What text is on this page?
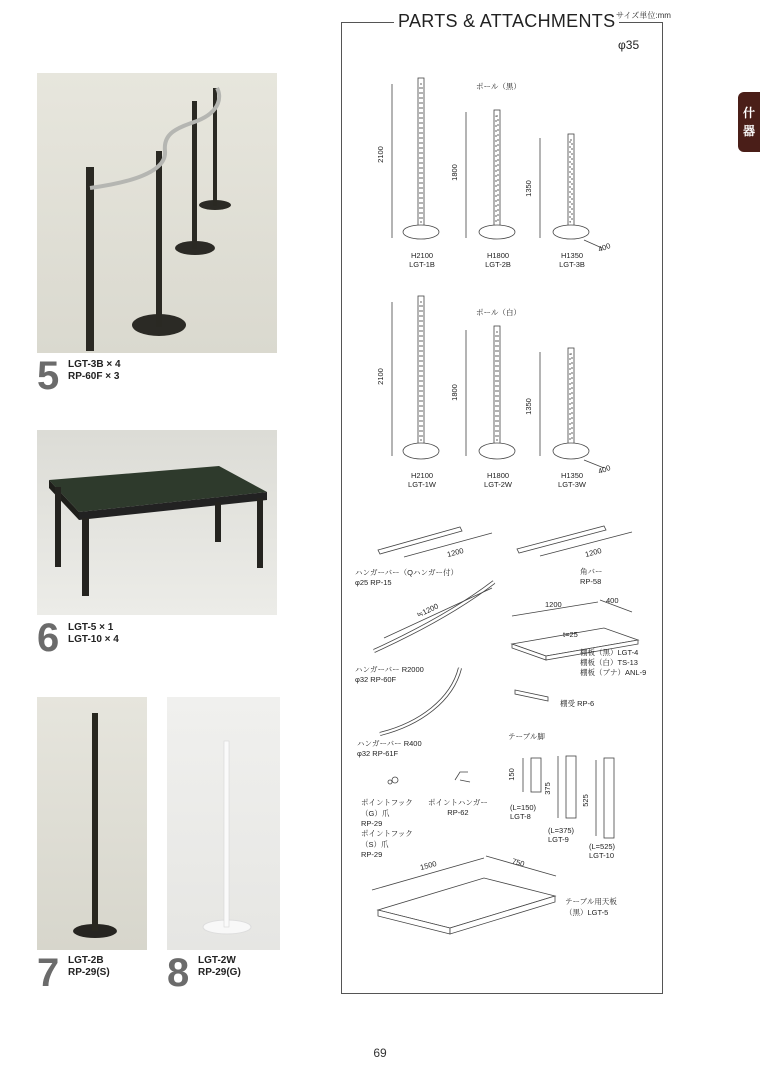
5 LGT-3B × 4
RP-60F × 3
6 LGT-5 × 1
LGT-10 × 4
7 LGT-2B
RP-29(S) 8 LGT-2W
RP-29(G)
PARTS & ATTACHMENTS サイズ単位:mm
φ35
ポール（黒）
2100
1800
1350
400
H2100
LGT-1B
H1800
LGT-2B
H1350
LGT-3B
ポール（白）
2100
1800
1350
400
H2100
LGT-1W
H1800
LGT-2W
H1350
LGT-3W
1200
ハンガーバー（Qハンガー付）
φ25 RP-15
1200
角バー
RP-58
≒1200
ハンガーバー R2000
φ32 RP-60F
1200	400
t=25
棚板（黒）LGT-4
棚板（白）TS-13
棚板（ブナ）ANL-9
棚受 RP-6
ハンガーバー R400
φ32 RP-61F
テーブル脚
150
375
525
(L=150)
LGT-8
(L=375)
LGT-9
(L=525)
LGT-10
ポイントフック
（G）爪
RP-29
ポイントハンガー
RP-62
ポイントフック
（S）爪
RP-29
1500	750
テーブル用天板
（黒）LGT-5
什
器
69
